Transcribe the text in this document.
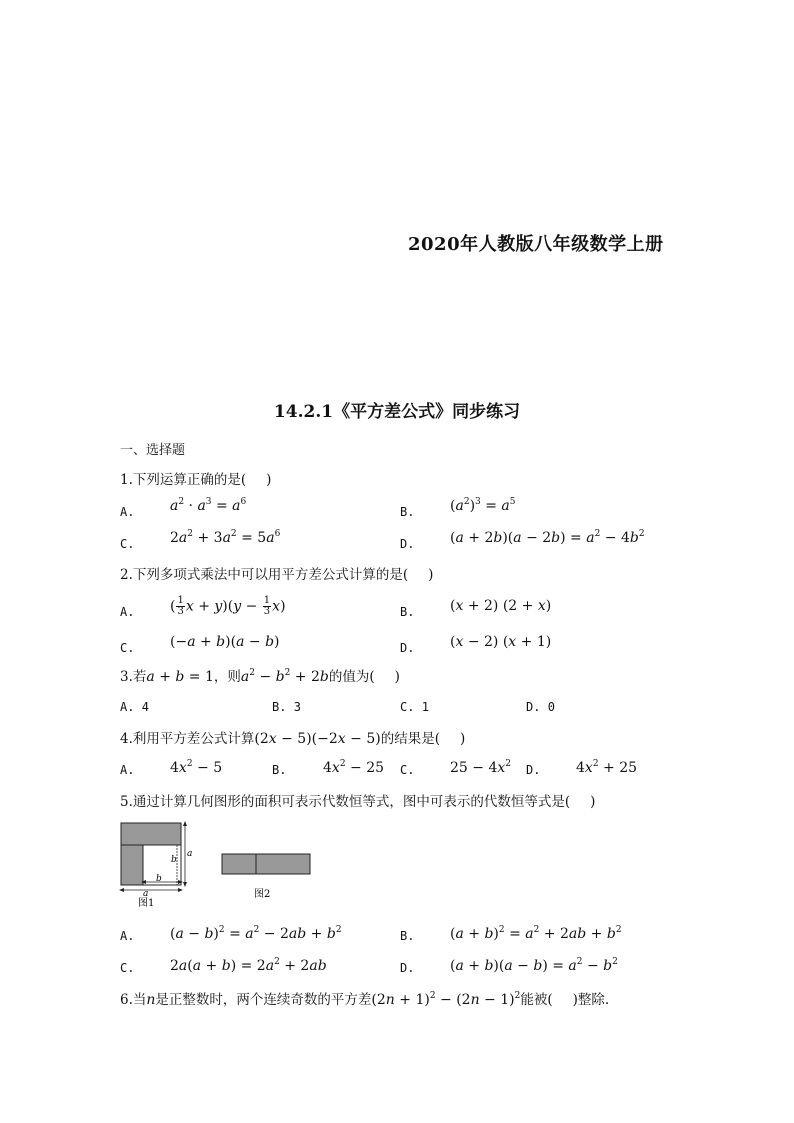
2020年人教版八年级数学上册
14.2.1《平方差公式》同步练习
一、选择题
1.下列运算正确的是( )
A.	$a^2 \cdot a^3 = a^6$
B.	$(a^2)^3 = a^5$
C.	$2a^2 + 3a^2 = 5a^6$
D.	$(a + 2b)(a - 2b) = a^2 - 4b^2$
2.下列多项式乘法中可以用平方差公式计算的是( )
A.	( $\frac{1}{3}$ $x + y)(y - \frac{1}{3} x)$	B.	(x + 2) (2 + x)
C.	(−a + b)(a − b)	D.	(x − 2) (x + 1)
3.若a + b = 1，则$a^2 - b^2 + 2b$的值为( )
A. 4	B. 3	C. 1	D. 0
4.利用平方差公式计算(2x − 5)(−2x − 5)的结果是( )
A.	$4x^2 - 5$	B.	$4x^2 - 25$ C.	$25 - 4x^2$ D.	$4x^2 + 25$
5.通过计算几何图形的面积可表示代数恒等式，图中可表示的代数恒等式是( )
a
b
b
a
图1
图2
A.	$(a - b)^2 = a^2 - 2ab + b^2$	B.	$(a + b)^2 = a^2 + 2ab + b^2$
C.	$2a(a + b) = 2a^2 + 2ab$	D.	$(a + b)(a - b) = a^2 - b^2$
6.当n是正整数时，两个连续奇数的平方差$(2n + 1)^2 - (2n - 1)^2$能被( )整除.
